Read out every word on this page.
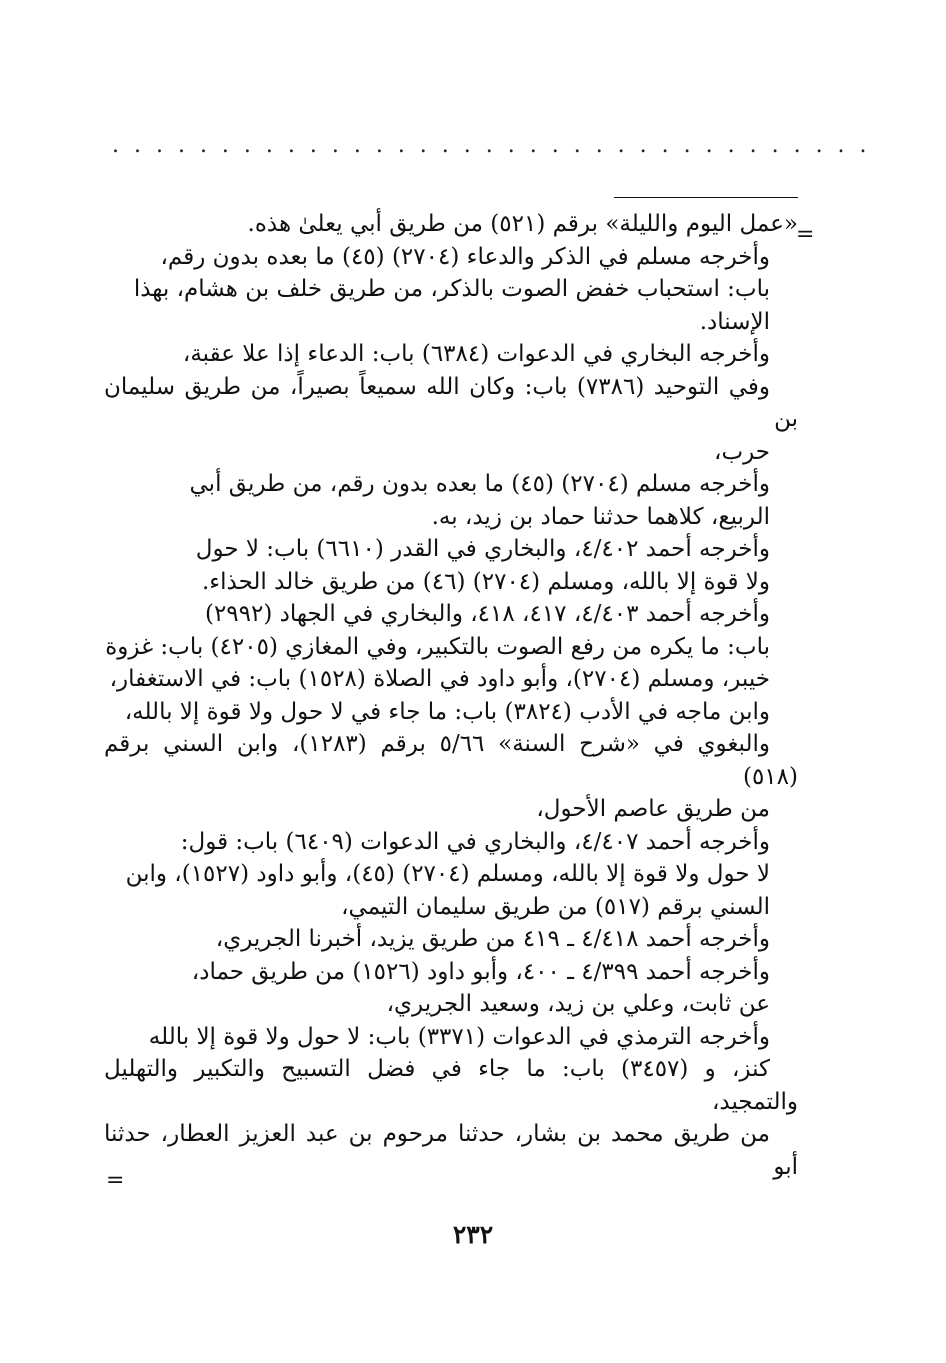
. . . . . . . . . . . . . . . . . . . . . . . . . . . . . . . . . . .
=

«عمل اليوم والليلة» برقم (٥٢١) من طريق أبي يعلىٰ هذه.

وأخرجه مسلم في الذكر والدعاء (٢٧٠٤) (٤٥) ما بعده بدون رقم،
باب: استحباب خفض الصوت بالذكر، من طريق خلف بن هشام، بهذا
الإسناد.

وأخرجه البخاري في الدعوات (٦٣٨٤) باب: الدعاء إذا علا عقبة،
وفي التوحيد (٧٣٨٦) باب: وكان الله سميعاً بصيراً، من طريق سليمان بن
حرب،

وأخرجه مسلم (٢٧٠٤) (٤٥) ما بعده بدون رقم، من طريق أبي
الربيع، كلاهما حدثنا حماد بن زيد، به.

وأخرجه أحمد ٤/٤٠٢، والبخاري في القدر (٦٦١٠) باب: لا حول
ولا قوة إلا بالله، ومسلم (٢٧٠٤) (٤٦) من طريق خالد الحذاء.

وأخرجه أحمد ٤/٤٠٣، ٤١٧، ٤١٨، والبخاري في الجهاد (٢٩٩٢)
باب: ما يكره من رفع الصوت بالتكبير، وفي المغازي (٤٢٠٥) باب: غزوة
خيبر، ومسلم (٢٧٠٤)، وأبو داود في الصلاة (١٥٢٨) باب: في الاستغفار،
وابن ماجه في الأدب (٣٨٢٤) باب: ما جاء في لا حول ولا قوة إلا بالله،
والبغوي في «شرح السنة» ٥/٦٦ برقم (١٢٨٣)، وابن السني برقم (٥١٨)
من طريق عاصم الأحول،

وأخرجه أحمد ٤/٤٠٧، والبخاري في الدعوات (٦٤٠٩) باب: قول:
لا حول ولا قوة إلا بالله، ومسلم (٢٧٠٤) (٤٥)، وأبو داود (١٥٢٧)، وابن
السني برقم (٥١٧) من طريق سليمان التيمي،

وأخرجه أحمد ٤/٤١٨ ـ ٤١٩ من طريق يزيد، أخبرنا الجريري،

وأخرجه أحمد ٤/٣٩٩ ـ ٤٠٠، وأبو داود (١٥٢٦) من طريق حماد،
عن ثابت، وعلي بن زيد، وسعيد الجريري،

وأخرجه الترمذي في الدعوات (٣٣٧١) باب: لا حول ولا قوة إلا بالله
كنز، و (٣٤٥٧) باب: ما جاء في فضل التسبيح والتكبير والتهليل والتمجيد،
من طريق محمد بن بشار، حدثنا مرحوم بن عبد العزيز العطار، حدثنا أبو

=
٢٣٢
